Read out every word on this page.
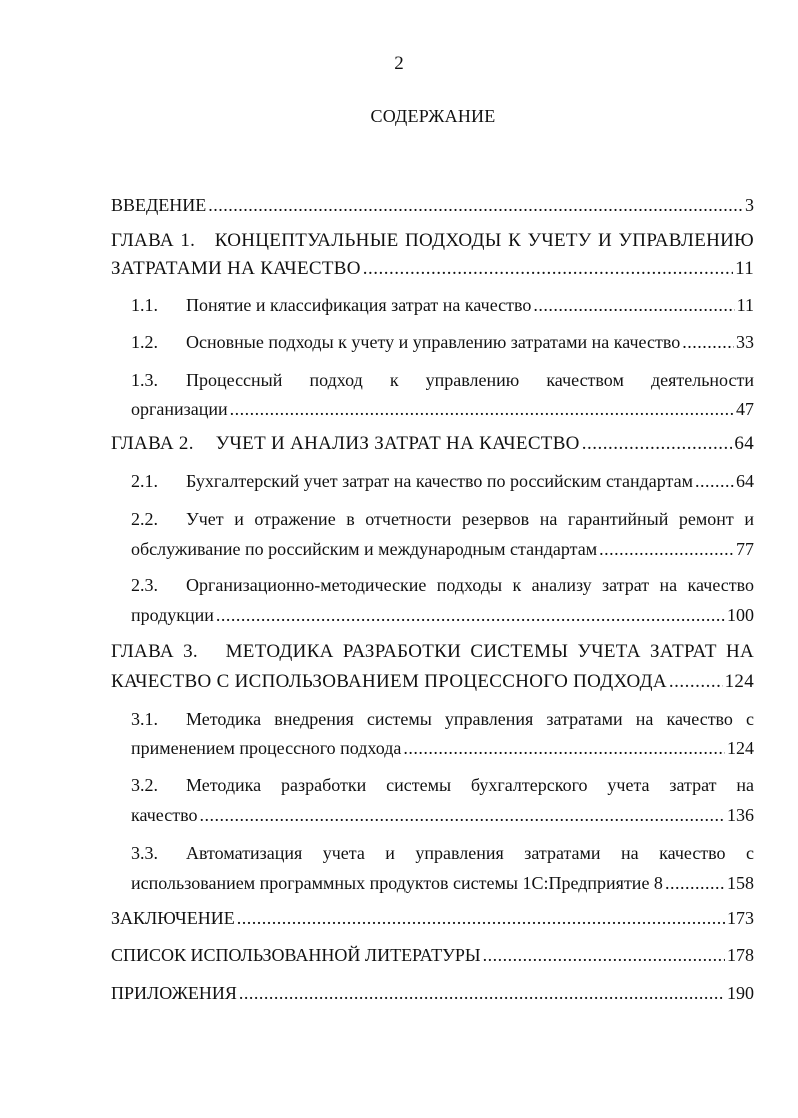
2
СОДЕРЖАНИЕ
ВВЕДЕНИЕ .....	3
ГЛАВА 1. КОНЦЕПТУАЛЬНЫЕ ПОДХОДЫ К УЧЕТУ И УПРАВЛЕНИЮ
ЗАТРАТАМИ НА КАЧЕСТВО .....	11
1.1. Понятие и классификация затрат на качество .....	11
1.2. Основные подходы к учету и управлению затратами на качество .....	33
1.3. Процессный подход к управлению качеством деятельности
организации .....	47
ГЛАВА 2. УЧЕТ И АНАЛИЗ ЗАТРАТ НА КАЧЕСТВО .....	64
2.1. Бухгалтерский учет затрат на качество по российским стандартам ..... 64
2.2. Учет и отражение в отчетности резервов на гарантийный ремонт и
обслуживание по российским и международным стандартам .....	77
2.3. Организационно-методические подходы к анализу затрат на качество
продукции .....	100
ГЛАВА 3. МЕТОДИКА РАЗРАБОТКИ СИСТЕМЫ УЧЕТА ЗАТРАТ НА
КАЧЕСТВО С ИСПОЛЬЗОВАНИЕМ ПРОЦЕССНОГО ПОДХОДА .....	124
3.1. Методика внедрения системы управления затратами на качество с
применением процессного подхода .....	124
3.2. Методика разработки системы бухгалтерского учета затрат на
качество .....	136
3.3. Автоматизация учета и управления затратами на качество с
использованием программных продуктов системы 1С:Предприятие 8 .....	158
ЗАКЛЮЧЕНИЕ .....	173
СПИСОК ИСПОЛЬЗОВАННОЙ ЛИТЕРАТУРЫ .....	178
ПРИЛОЖЕНИЯ .....	190
